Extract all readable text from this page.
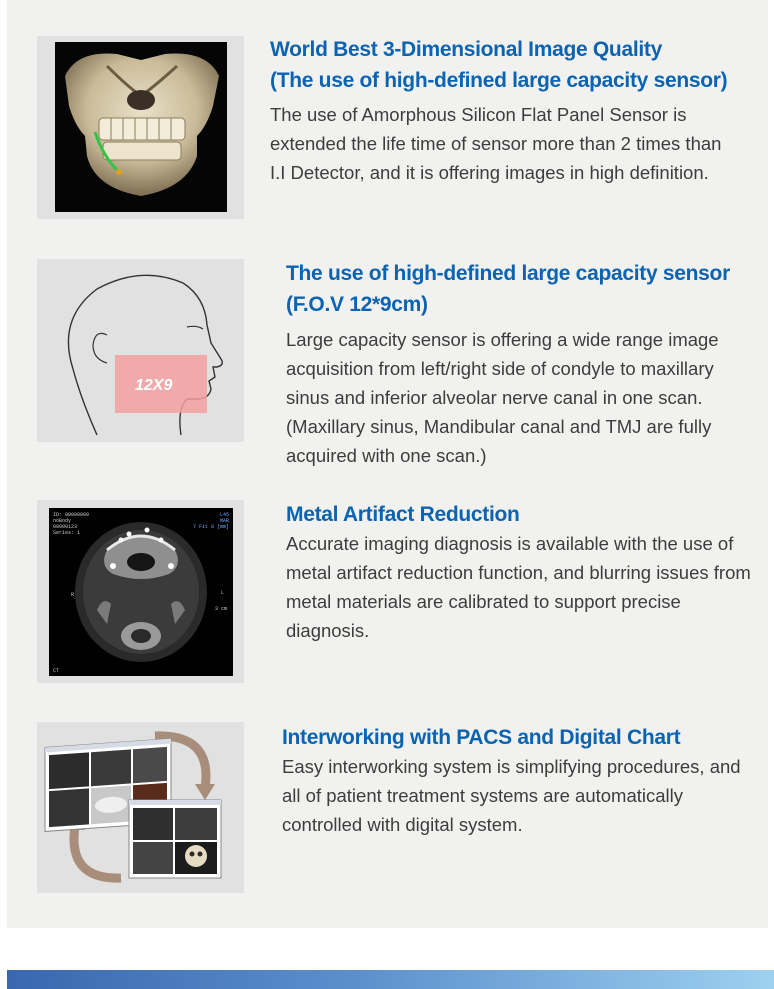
World Best 3-Dimensional Image Quality
(The use of high-defined large capacity sensor)

The use of Amorphous Silicon Flat Panel Sensor is extended the life time of sensor more than 2 times than I.I Detector, and it is offering images in high definition.

12X9
The use of high-defined large capacity sensor
(F.O.V 12*9cm)

Large capacity sensor is offering a wide range image acquisition from left/right side of condyle to maxillary sinus and inferior alveolar nerve canal in one scan. (Maxillary sinus, Mandibular canal and TMJ are fully acquired with one scan.)

ID: 00000000
noBody
00000123
Series: 1
CT
R	L
3 cm
L45
MAR
7 Fit 8 [mm]
Metal Artifact Reduction

Accurate imaging diagnosis is available with the use of metal artifact reduction function, and blurring issues from metal materials are calibrated to support precise diagnosis.

Interworking with PACS and Digital Chart

Easy interworking system is simplifying procedures, and all of patient treatment systems are automatically controlled with digital system.
